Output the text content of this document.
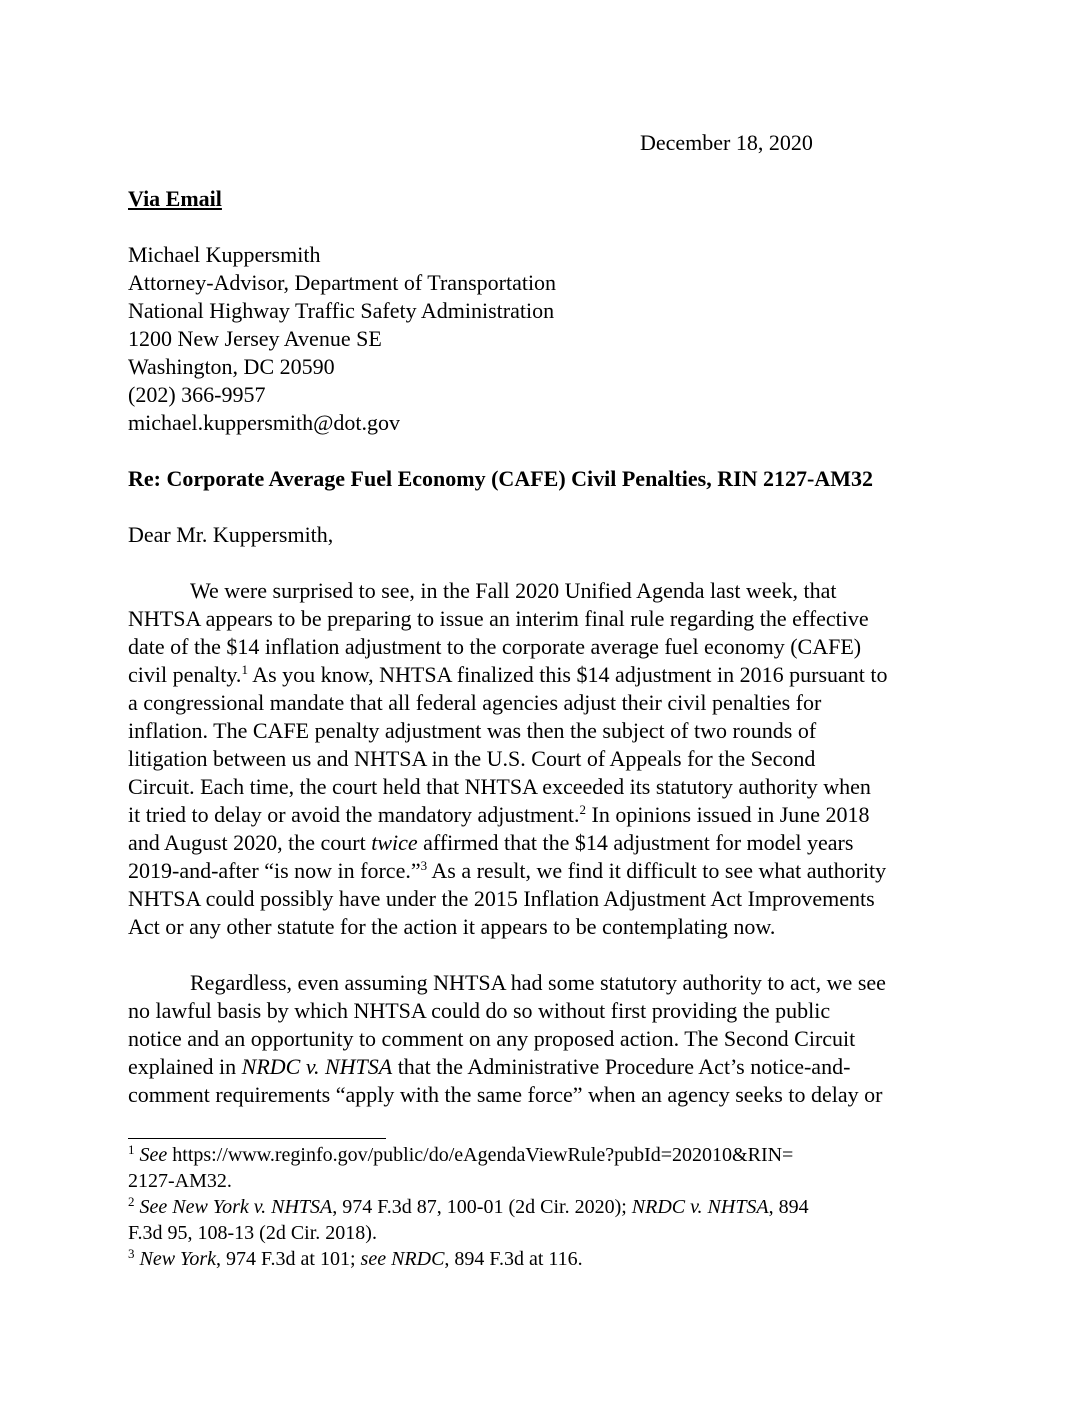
December 18, 2020
Via Email
Michael Kuppersmith
Attorney-Advisor, Department of Transportation
National Highway Traffic Safety Administration
1200 New Jersey Avenue SE
Washington, DC 20590
(202) 366-9957
michael.kuppersmith@dot.gov
Re: Corporate Average Fuel Economy (CAFE) Civil Penalties, RIN 2127-AM32
Dear Mr. Kuppersmith,
We were surprised to see, in the Fall 2020 Unified Agenda last week, that
NHTSA appears to be preparing to issue an interim final rule regarding the effective
date of the $14 inflation adjustment to the corporate average fuel economy (CAFE)
civil penalty.$^1$ As you know, NHTSA finalized this $14 adjustment in 2016 pursuant to
a congressional mandate that all federal agencies adjust their civil penalties for
inflation. The CAFE penalty adjustment was then the subject of two rounds of
litigation between us and NHTSA in the U.S. Court of Appeals for the Second
Circuit. Each time, the court held that NHTSA exceeded its statutory authority when
it tried to delay or avoid the mandatory adjustment.$^2$ In opinions issued in June 2018
and August 2020, the court twice affirmed that the $14 adjustment for model years
2019-and-after “is now in force.”$^3$ As a result, we find it difficult to see what authority
NHTSA could possibly have under the 2015 Inflation Adjustment Act Improvements
Act or any other statute for the action it appears to be contemplating now.
Regardless, even assuming NHTSA had some statutory authority to act, we see
no lawful basis by which NHTSA could do so without first providing the public
notice and an opportunity to comment on any proposed action. The Second Circuit
explained in NRDC v. NHTSA that the Administrative Procedure Act’s notice-and-
comment requirements “apply with the same force” when an agency seeks to delay or
$^1$ See https://www.reginfo.gov/public/do/eAgendaViewRule?pubId=202010&RIN=
2127-AM32.
$^2$ See New York v. NHTSA, 974 F.3d 87, 100-01 (2d Cir. 2020); NRDC v. NHTSA, 894
F.3d 95, 108-13 (2d Cir. 2018).
$^3$ New York, 974 F.3d at 101; see NRDC, 894 F.3d at 116.
